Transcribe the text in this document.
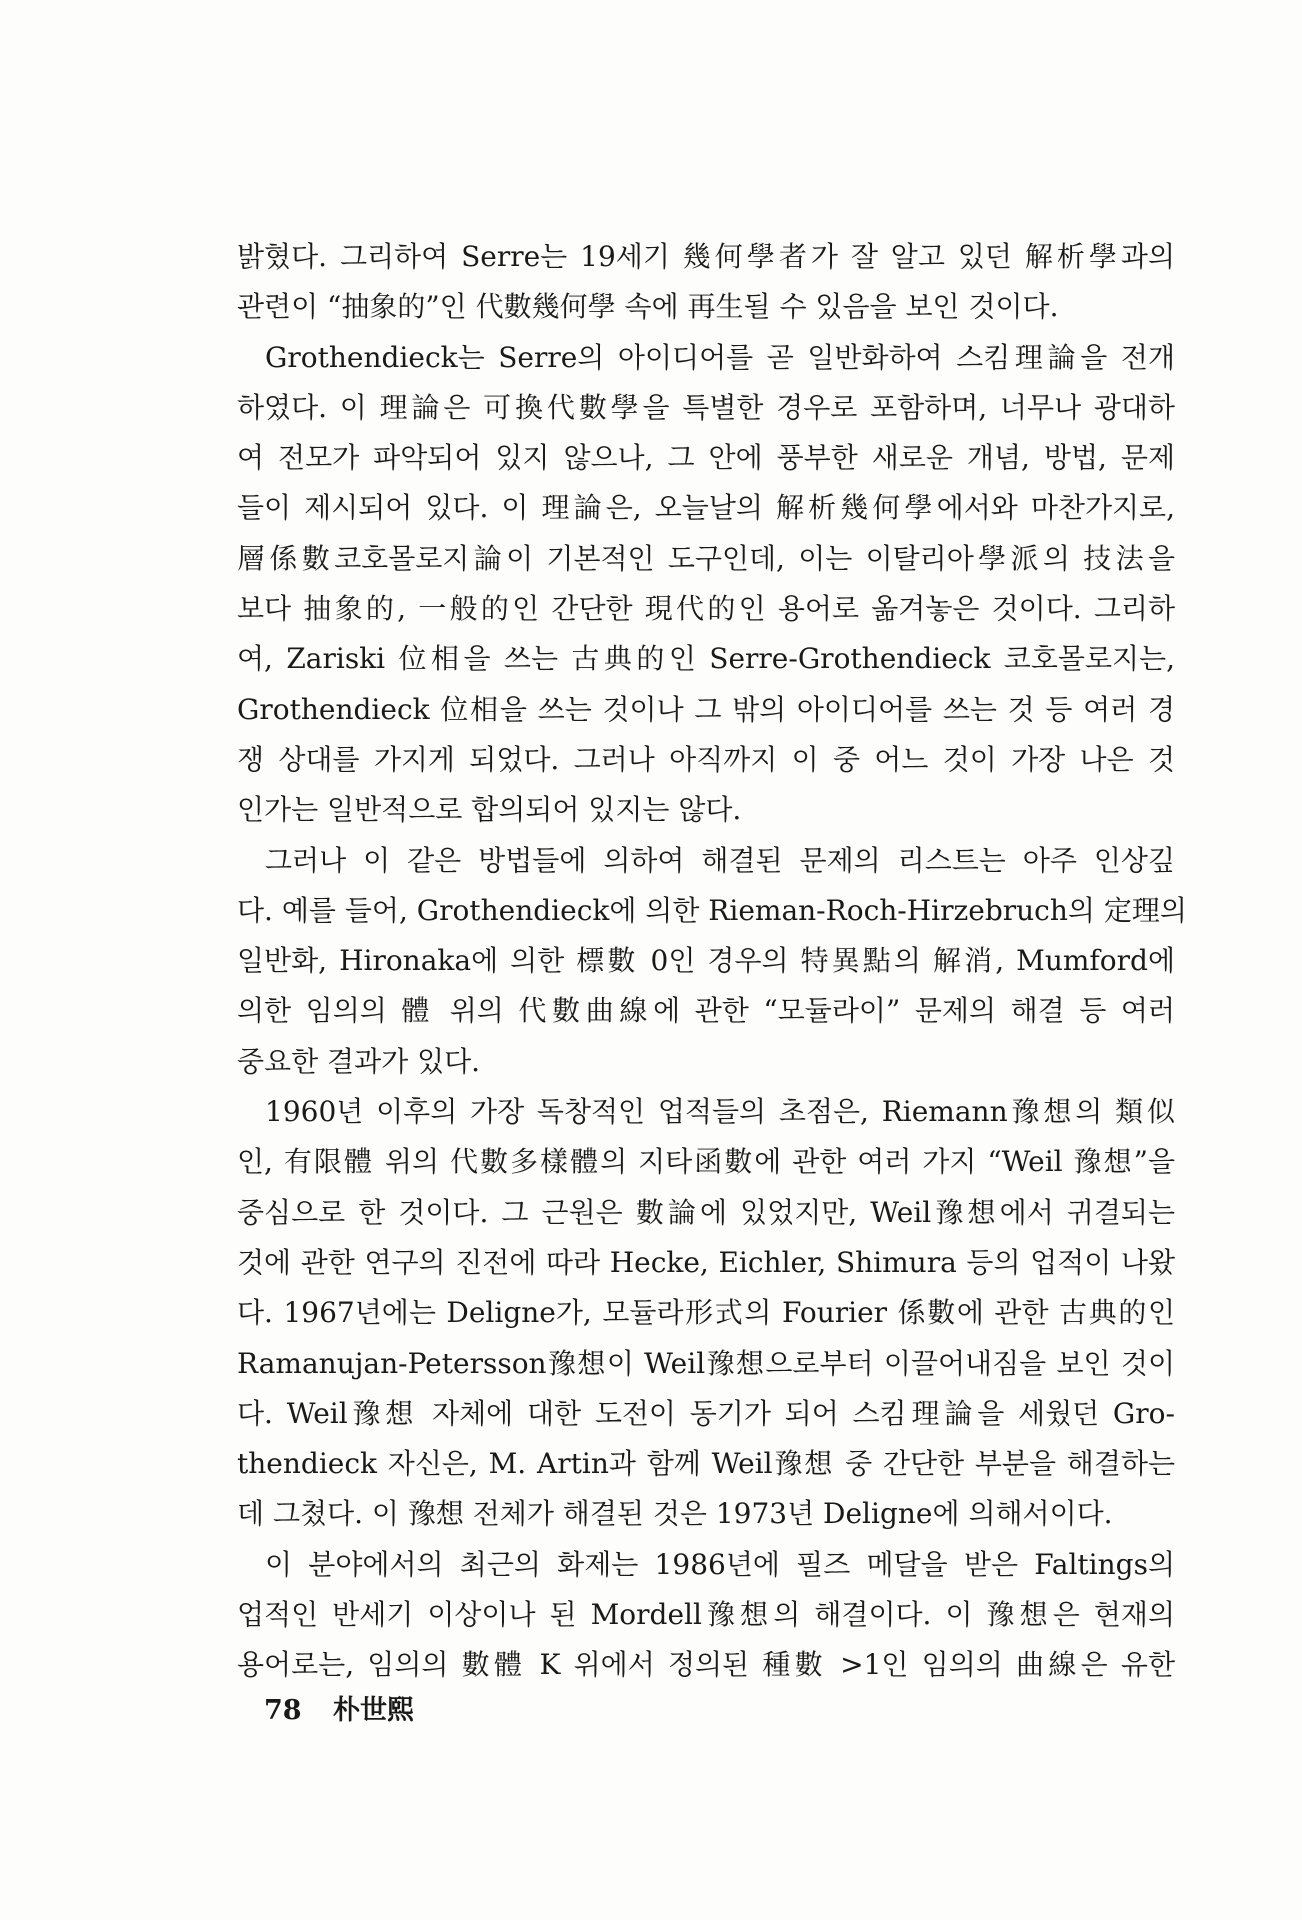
밝혔다. 그리하여 Serre는 19세기 幾何學者가 잘 알고 있던 解析學과의
관련이 “抽象的”인 代數幾何學 속에 再生될 수 있음을 보인 것이다.

Grothendieck는 Serre의 아이디어를 곧 일반화하여 스킴理論을 전개
하였다. 이 理論은 可換代數學을 특별한 경우로 포함하며, 너무나 광대하
여 전모가 파악되어 있지 않으나, 그 안에 풍부한 새로운 개념, 방법, 문제
들이 제시되어 있다. 이 理論은, 오늘날의 解析幾何學에서와 마찬가지로,
層係數코호몰로지論이 기본적인 도구인데, 이는 이탈리아學派의 技法을
보다 抽象的, 一般的인 간단한 現代的인 용어로 옮겨놓은 것이다. 그리하
여, Zariski 位相을 쓰는 古典的인 Serre-Grothendieck 코호몰로지는,
Grothendieck 位相을 쓰는 것이나 그 밖의 아이디어를 쓰는 것 등 여러 경
쟁 상대를 가지게 되었다. 그러나 아직까지 이 중 어느 것이 가장 나은 것
인가는 일반적으로 합의되어 있지는 않다.

그러나 이 같은 방법들에 의하여 해결된 문제의 리스트는 아주 인상깊
다. 예를 들어, Grothendieck에 의한 Rieman-Roch-Hirzebruch의 定理의
일반화, Hironaka에 의한 標數 0인 경우의 特異點의 解消, Mumford에
의한 임의의 體 위의 代數曲線에 관한 “모듈라이” 문제의 해결 등 여러
중요한 결과가 있다.

1960년 이후의 가장 독창적인 업적들의 초점은, Riemann豫想의 類似
인, 有限體 위의 代數多樣體의 지타函數에 관한 여러 가지 “Weil 豫想”을
중심으로 한 것이다. 그 근원은 數論에 있었지만, Weil豫想에서 귀결되는
것에 관한 연구의 진전에 따라 Hecke, Eichler, Shimura 등의 업적이 나왔
다. 1967년에는 Deligne가, 모듈라形式의 Fourier 係數에 관한 古典的인
Ramanujan-Petersson豫想이 Weil豫想으로부터 이끌어내짐을 보인 것이
다. Weil豫想 자체에 대한 도전이 동기가 되어 스킴理論을 세웠던 Gro-
thendieck 자신은, M. Artin과 함께 Weil豫想 중 간단한 부분을 해결하는
데 그쳤다. 이 豫想 전체가 해결된 것은 1973년 Deligne에 의해서이다.

이 분야에서의 최근의 화제는 1986년에 필즈 메달을 받은 Faltings의
업적인 반세기 이상이나 된 Mordell豫想의 해결이다. 이 豫想은 현재의
용어로는, 임의의 數體 K 위에서 정의된 種數 >1인 임의의 曲線은 유한

78 朴世熙
